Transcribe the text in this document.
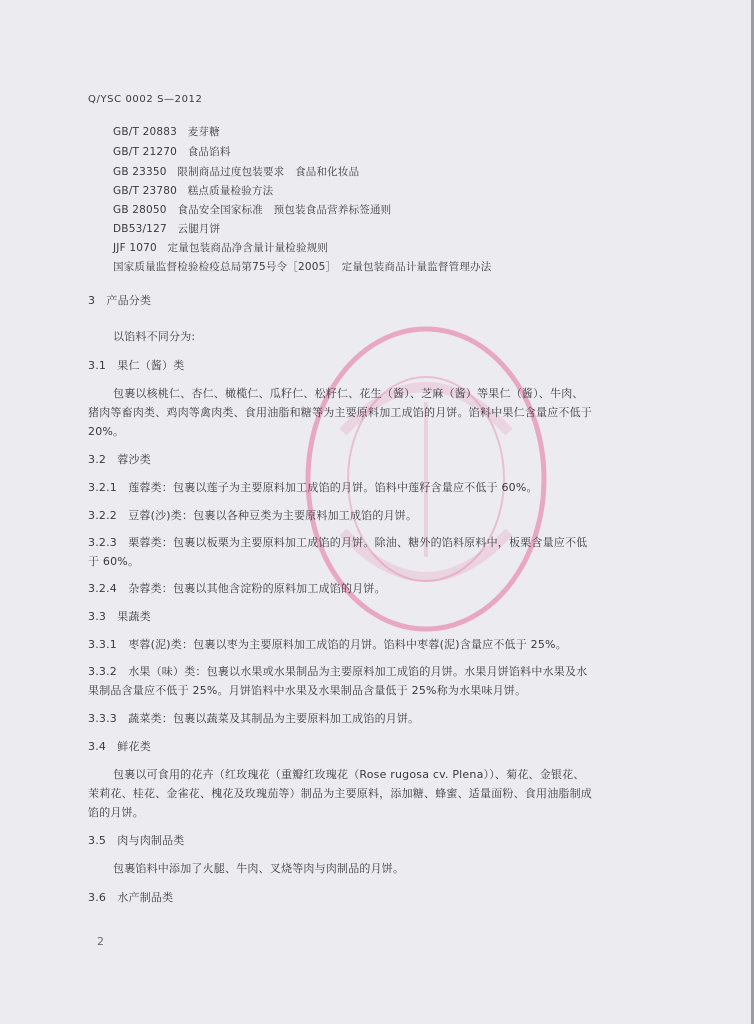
Q/YSC 0002 S—2012
GB/T 20883　麦芽糖
GB/T 21270　食品馅料
GB 23350　限制商品过度包装要求　食品和化妆品
GB/T 23780　糕点质量检验方法
GB 28050　食品安全国家标准　预包装食品营养标签通则
DB53/127　云腿月饼
JJF 1070　定量包装商品净含量计量检验规则
国家质量监督检验检疫总局第75号令［2005］　定量包装商品计量监督管理办法
3　产品分类
以馅料不同分为:
3.1　果仁（酱）类
包裹以核桃仁、杏仁、橄榄仁、瓜籽仁、松籽仁、花生（酱）、芝麻（酱）等果仁（酱）、牛肉、
猪肉等畜肉类、鸡肉等禽肉类、食用油脂和糖等为主要原料加工成馅的月饼。馅料中果仁含量应不低于
20%。
3.2　蓉沙类
3.2.1　莲蓉类：包裹以莲子为主要原料加工成馅的月饼。馅料中莲籽含量应不低于 60%。
3.2.2　豆蓉(沙)类：包裹以各种豆类为主要原料加工成馅的月饼。
3.2.3　栗蓉类：包裹以板栗为主要原料加工成馅的月饼。除油、糖外的馅料原料中，板栗含量应不低
于 60%。
3.2.4　杂蓉类：包裹以其他含淀粉的原料加工成馅的月饼。
3.3　果蔬类
3.3.1　枣蓉(泥)类：包裹以枣为主要原料加工成馅的月饼。馅料中枣蓉(泥)含量应不低于 25%。
3.3.2　水果（味）类：包裹以水果或水果制品为主要原料加工成馅的月饼。水果月饼馅料中水果及水
果制品含量应不低于 25%。月饼馅料中水果及水果制品含量低于 25%称为水果味月饼。
3.3.3　蔬菜类：包裹以蔬菜及其制品为主要原料加工成馅的月饼。
3.4　鲜花类
包裹以可食用的花卉（红玫瑰花（重瓣红玫瑰花（Rose rugosa cv. Plena））、菊花、金银花、
茉莉花、桂花、金雀花、槐花及玫瑰茄等）制品为主要原料，添加糖、蜂蜜、适量面粉、食用油脂制成
馅的月饼。
3.5　肉与肉制品类
包裹馅料中添加了火腿、牛肉、叉烧等肉与肉制品的月饼。
3.6　水产制品类
2
